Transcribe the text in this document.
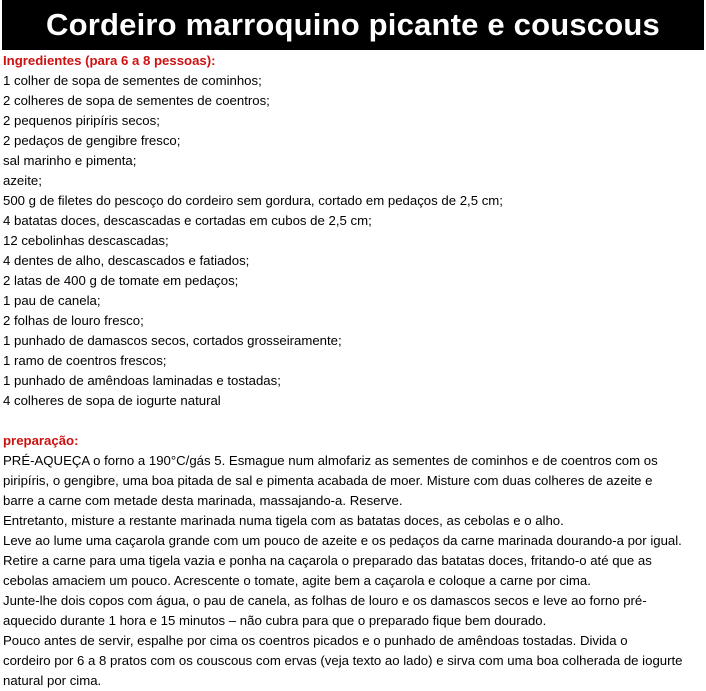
Cordeiro marroquino picante e couscous
Ingredientes (para 6 a 8 pessoas):
1 colher de sopa de sementes de cominhos;
2 colheres de sopa de sementes de coentros;
2 pequenos piripíris secos;
2 pedaços de gengibre fresco;
sal marinho e pimenta;
azeite;
500 g de filetes do pescoço do cordeiro sem gordura, cortado em pedaços de 2,5 cm;
4 batatas doces, descascadas e cortadas em cubos de 2,5 cm;
12 cebolinhas descascadas;
4 dentes de alho, descascados e fatiados;
2 latas de 400 g de tomate em pedaços;
1 pau de canela;
2 folhas de louro fresco;
1 punhado de damascos secos, cortados grosseiramente;
1 ramo de coentros frescos;
1 punhado de amêndoas laminadas e tostadas;
4 colheres de sopa de iogurte natural
preparação:
PRÉ-AQUEÇA o forno a 190°C/gás 5. Esmague num almofariz as sementes de cominhos e de coentros com os
piripíris, o gengibre, uma boa pitada de sal e pimenta acabada de moer. Misture com duas colheres de azeite e
barre a carne com metade desta marinada, massajando-a. Reserve.
Entretanto, misture a restante marinada numa tigela com as batatas doces, as cebolas e o alho.
Leve ao lume uma caçarola grande com um pouco de azeite e os pedaços da carne marinada dourando-a por igual.
Retire a carne para uma tigela vazia e ponha na caçarola o preparado das batatas doces, fritando-o até que as
cebolas amaciem um pouco. Acrescente o tomate, agite bem a caçarola e coloque a carne por cima.
Junte-lhe dois copos com água, o pau de canela, as folhas de louro e os damascos secos e leve ao forno pré-
aquecido durante 1 hora e 15 minutos – não cubra para que o preparado fique bem dourado.
Pouco antes de servir, espalhe por cima os coentros picados e o punhado de amêndoas tostadas. Divida o
cordeiro por 6 a 8 pratos com os couscous com ervas (veja texto ao lado) e sirva com uma boa colherada de iogurte
natural por cima.
